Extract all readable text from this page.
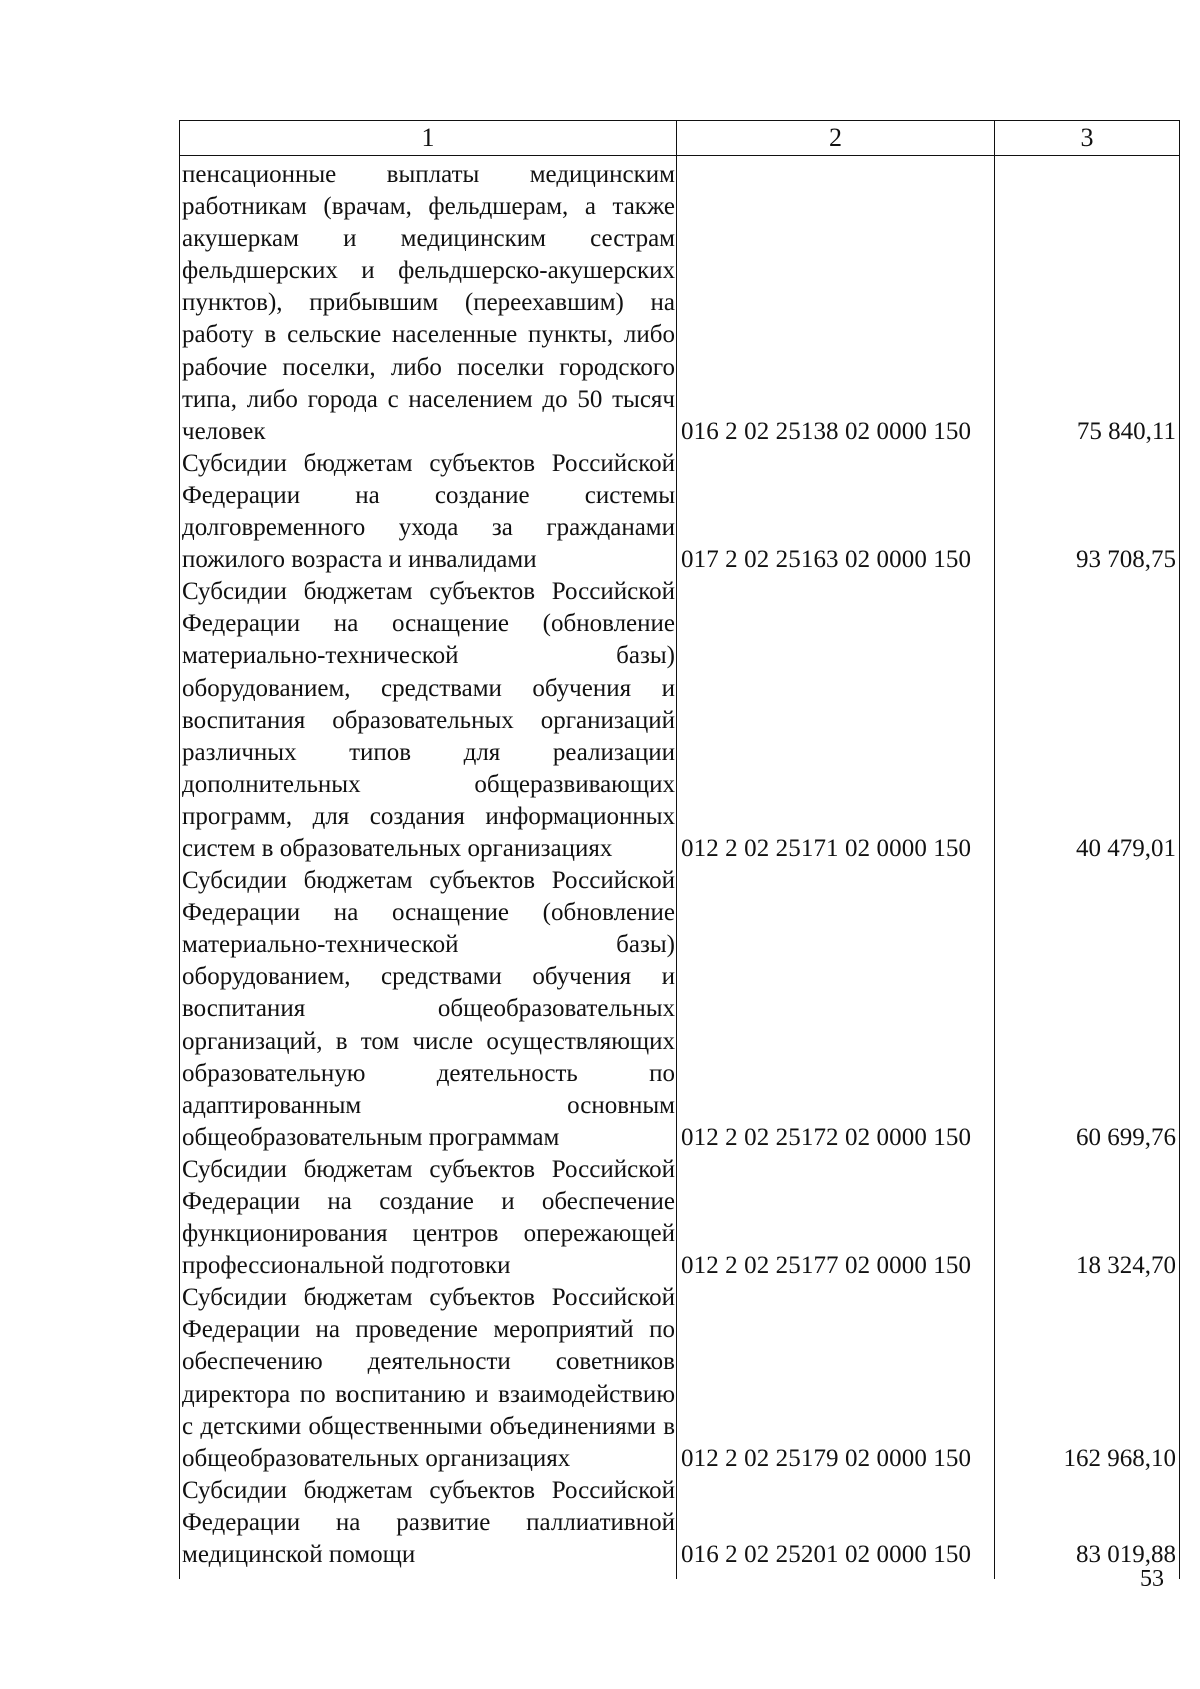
1	2	3
пенсационные выплаты медицинским работникам (врачам, фельдшерам, а также акушеркам и медицинским сестрам фельдшерских и фельдшерско-акушерских пунктов), прибывшим (переехавшим) на работу в сельские населенные пункты, либо рабочие поселки, либо поселки городского типа, либо города с населением до 50 тысяч человек	016 2 02 25138 02 0000 150	75 840,11
Субсидии бюджетам субъектов Российской Федерации на создание системы долговременного ухода за гражданами пожилого возраста и инвалидами	017 2 02 25163 02 0000 150	93 708,75
Субсидии бюджетам субъектов Российской Федерации на оснащение (обновление материально-технической базы) оборудованием, средствами обучения и воспитания образовательных организаций различных типов для реализации дополнительных общеразвивающих программ, для создания информационных систем в образовательных организациях	012 2 02 25171 02 0000 150	40 479,01
Субсидии бюджетам субъектов Российской Федерации на оснащение (обновление материально-технической базы) оборудованием, средствами обучения и воспитания общеобразовательных организаций, в том числе осуществляющих образовательную деятельность по адаптированным основным общеобразовательным программам	012 2 02 25172 02 0000 150	60 699,76
Субсидии бюджетам субъектов Российской Федерации на создание и обеспечение функционирования центров опережающей профессиональной подготовки	012 2 02 25177 02 0000 150	18 324,70
Субсидии бюджетам субъектов Российской Федерации на проведение мероприятий по обеспечению деятельности советников директора по воспитанию и взаимодействию с детскими общественными объединениями в общеобразовательных организациях	012 2 02 25179 02 0000 150	162 968,10
Субсидии бюджетам субъектов Российской Федерации на развитие паллиативной медицинской помощи	016 2 02 25201 02 0000 150	83 019,88
53
